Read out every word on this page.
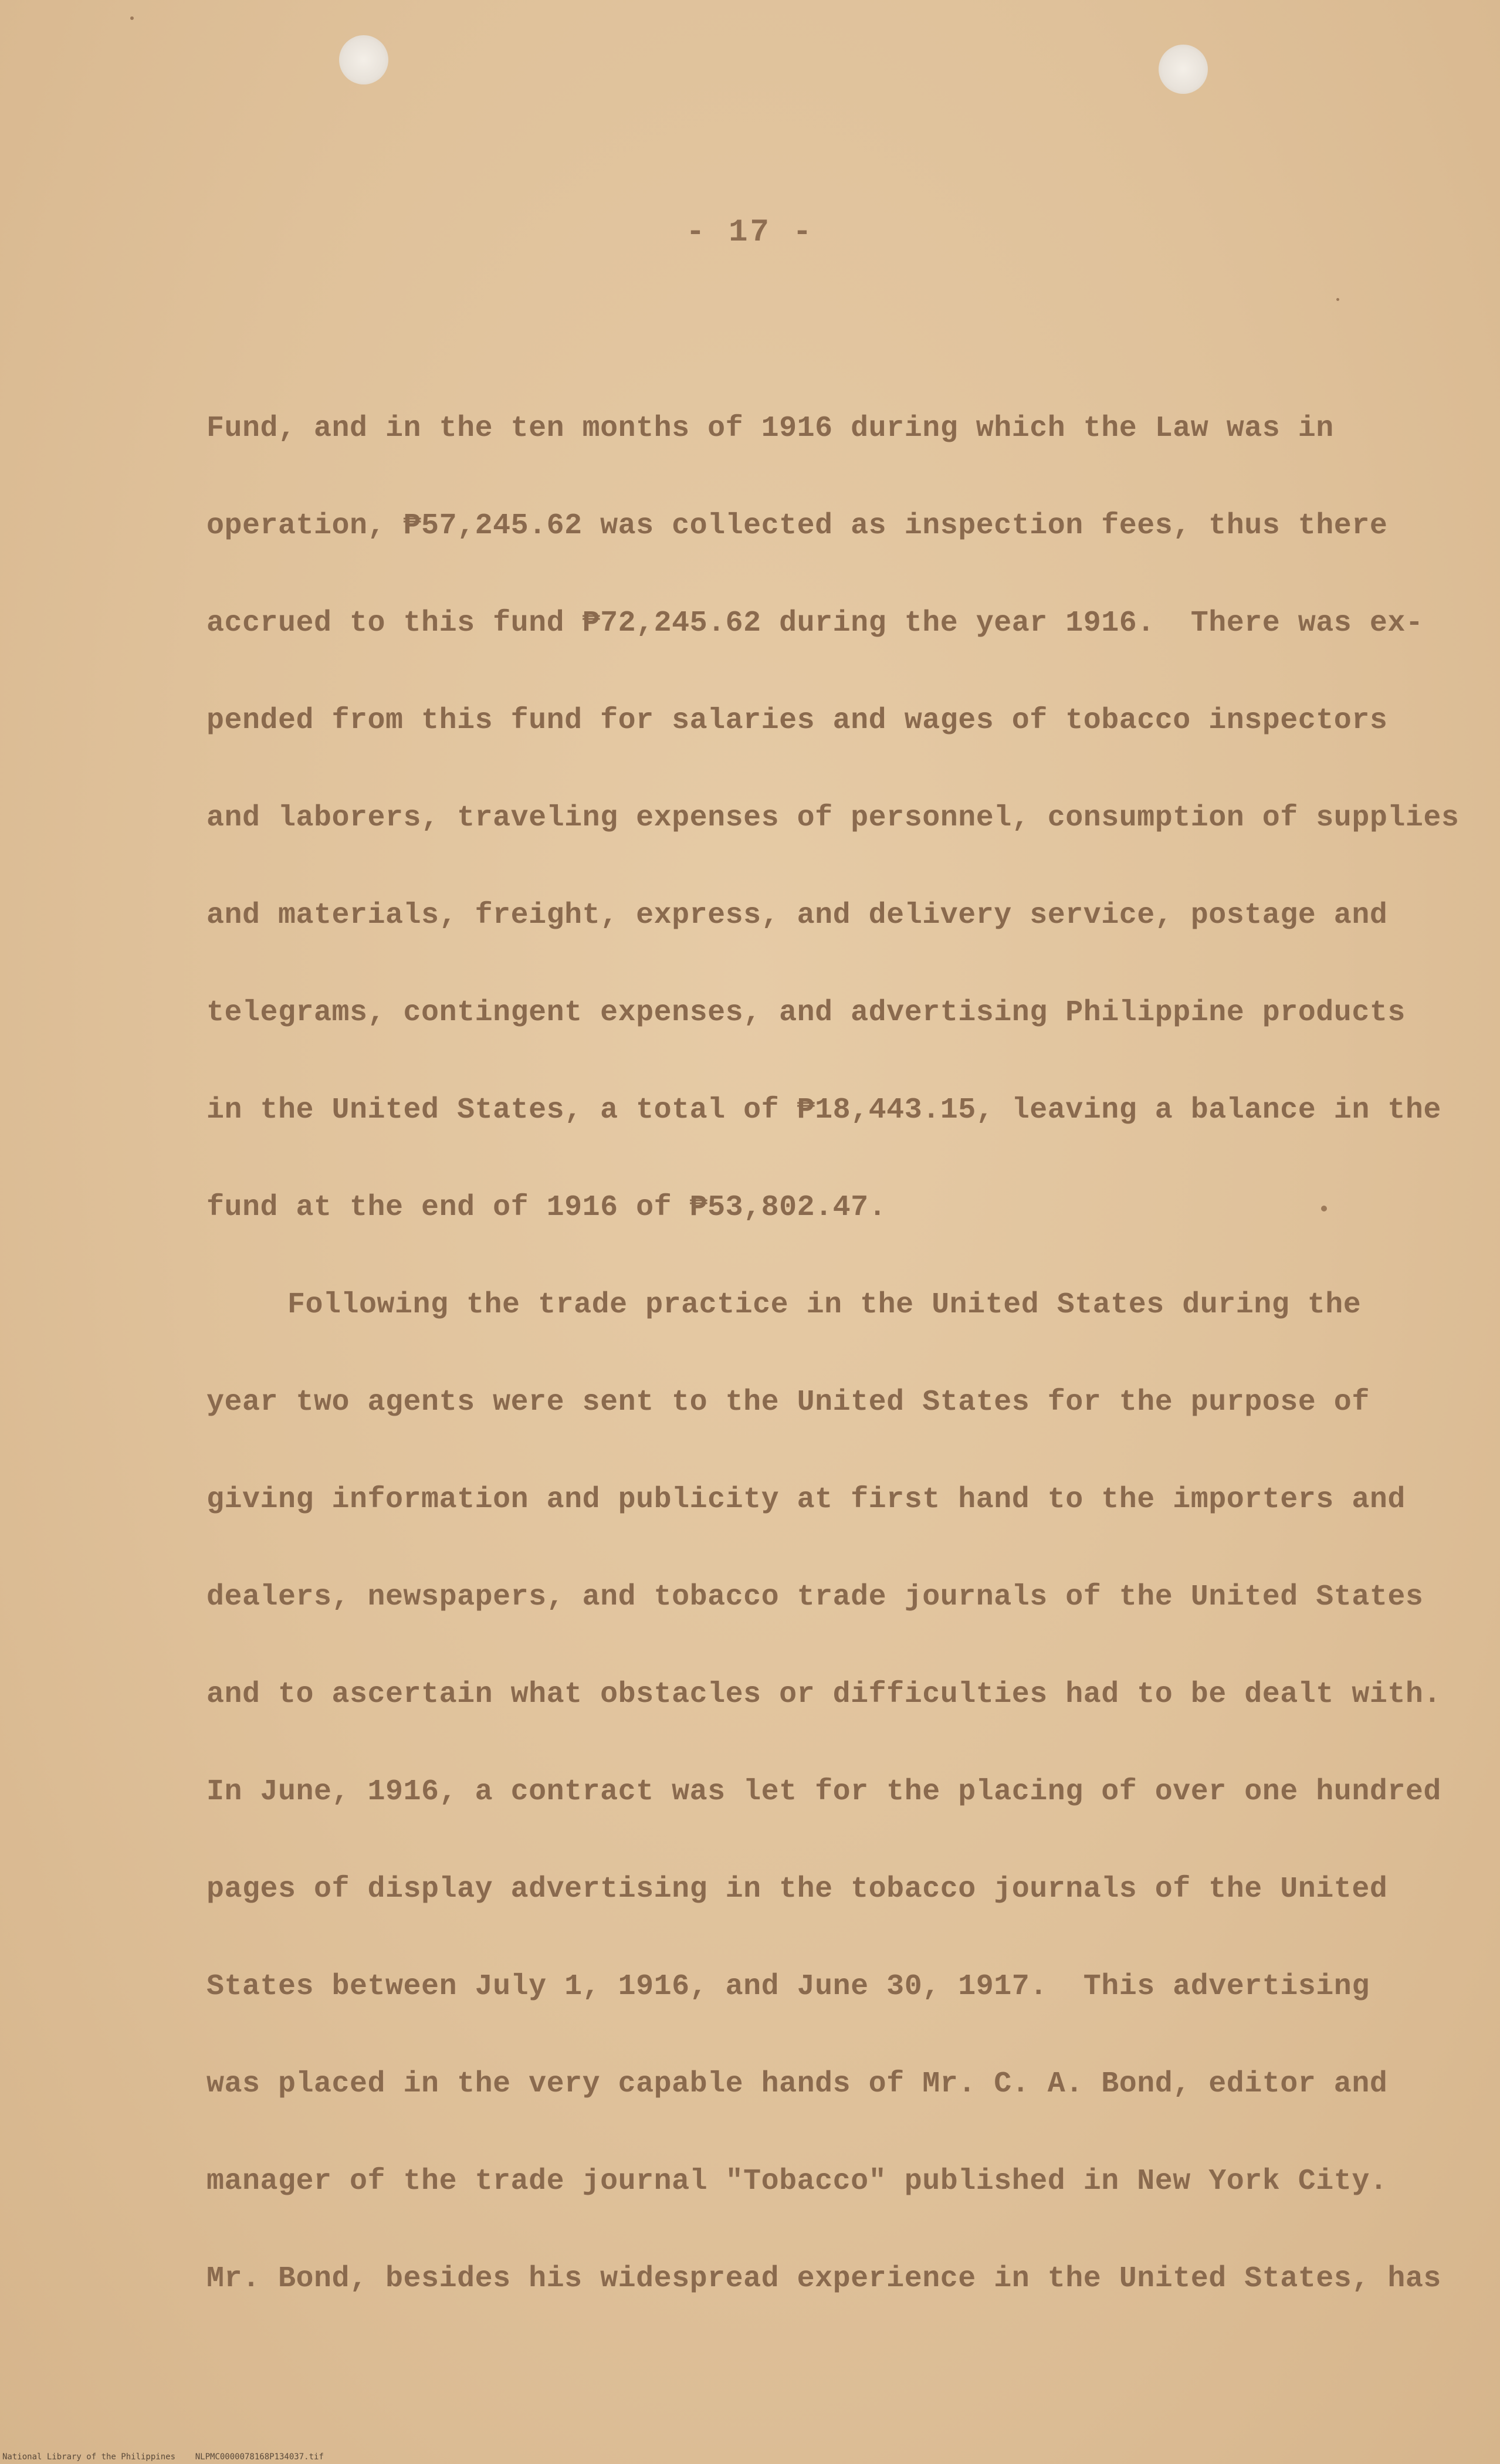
- 17 -
Fund, and in the ten months of 1916 during which the Law was in
operation, ₱57,245.62 was collected as inspection fees, thus there
accrued to this fund ₱72,245.62 during the year 1916.  There was ex-
pended from this fund for salaries and wages of tobacco inspectors
and laborers, traveling expenses of personnel, consumption of supplies
and materials, freight, express, and delivery service, postage and
telegrams, contingent expenses, and advertising Philippine products
in the United States, a total of ₱18,443.15, leaving a balance in the
fund at the end of 1916 of ₱53,802.47.
Following the trade practice in the United States during the
year two agents were sent to the United States for the purpose of
giving information and publicity at first hand to the importers and
dealers, newspapers, and tobacco trade journals of the United States
and to ascertain what obstacles or difficulties had to be dealt with.
In June, 1916, a contract was let for the placing of over one hundred
pages of display advertising in the tobacco journals of the United
States between July 1, 1916, and June 30, 1917.  This advertising
was placed in the very capable hands of Mr. C. A. Bond, editor and
manager of the trade journal "Tobacco" published in New York City.
Mr. Bond, besides his widespread experience in the United States, has
National Library of the Philippines    NLPMC0000078168P134037.tif
